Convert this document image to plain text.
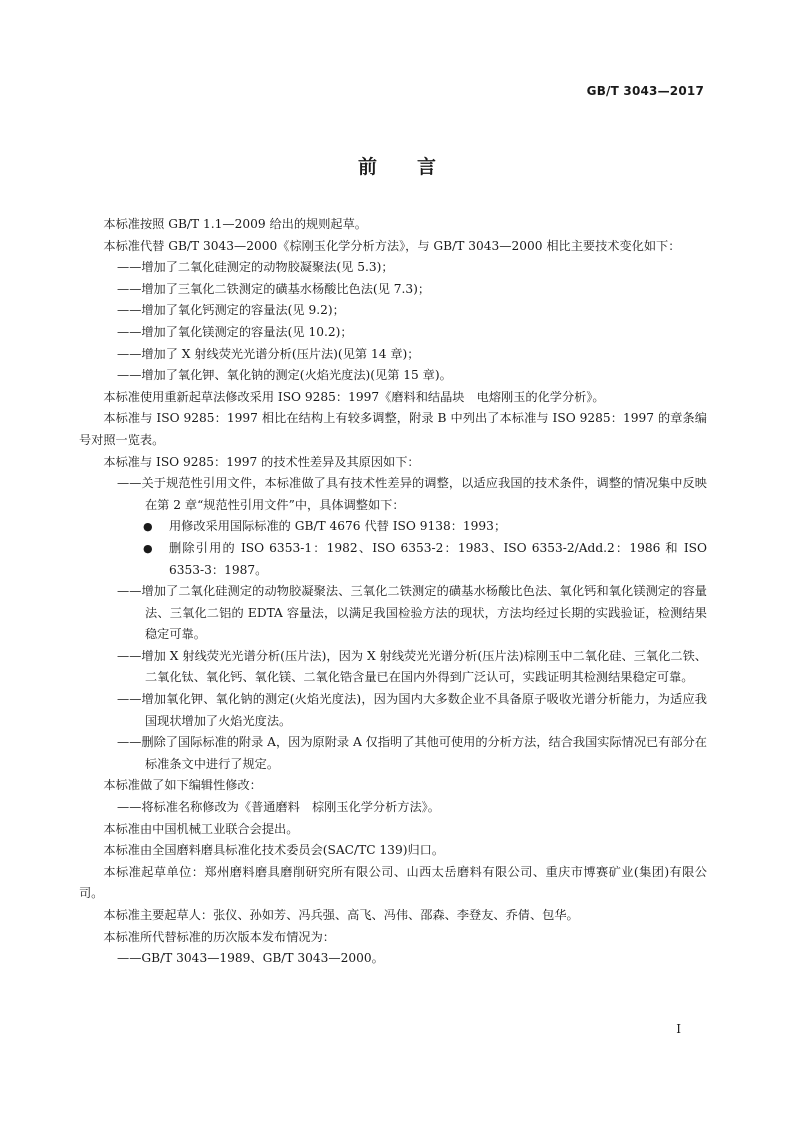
GB/T 3043—2017
前言

本标准按照 GB/T 1.1—2009 给出的规则起草。

本标准代替 GB/T 3043—2000《棕刚玉化学分析方法》，与 GB/T 3043—2000 相比主要技术变化如下：

——增加了二氧化硅测定的动物胶凝聚法(见 5.3)；

——增加了三氧化二铁测定的磺基水杨酸比色法(见 7.3)；

——增加了氧化钙测定的容量法(见 9.2)；

——增加了氧化镁测定的容量法(见 10.2)；

——增加了 X 射线荧光光谱分析(压片法)(见第 14 章)；

——增加了氧化钾、氧化钠的测定(火焰光度法)(见第 15 章)。

本标准使用重新起草法修改采用 ISO 9285：1997《磨料和结晶块　电熔刚玉的化学分析》。

本标准与 ISO 9285：1997 相比在结构上有较多调整，附录 B 中列出了本标准与 ISO 9285：1997 的章条编号对照一览表。

本标准与 ISO 9285：1997 的技术性差异及其原因如下：

——关于规范性引用文件，本标准做了具有技术性差异的调整，以适应我国的技术条件，调整的情况集中反映在第 2 章“规范性引用文件”中，具体调整如下：

●	用修改采用国际标准的 GB/T 4676 代替 ISO 9138：1993；
●	删除引用的 ISO 6353-1：1982、ISO 6353-2：1983、ISO 6353-2/Add.2：1986 和 ISO 6353-3：1987。

——增加了二氧化硅测定的动物胶凝聚法、三氧化二铁测定的磺基水杨酸比色法、氧化钙和氧化镁测定的容量法、三氧化二铝的 EDTA 容量法，以满足我国检验方法的现状，方法均经过长期的实践验证，检测结果稳定可靠。

——增加 X 射线荧光光谱分析(压片法)，因为 X 射线荧光光谱分析(压片法)棕刚玉中二氧化硅、三氧化二铁、二氧化钛、氧化钙、氧化镁、二氧化锆含量已在国内外得到广泛认可，实践证明其检测结果稳定可靠。

——增加氧化钾、氧化钠的测定(火焰光度法)，因为国内大多数企业不具备原子吸收光谱分析能力，为适应我国现状增加了火焰光度法。

——删除了国际标准的附录 A，因为原附录 A 仅指明了其他可使用的分析方法，结合我国实际情况已有部分在标准条文中进行了规定。

本标准做了如下编辑性修改：

——将标准名称修改为《普通磨料　棕刚玉化学分析方法》。

本标准由中国机械工业联合会提出。

本标准由全国磨料磨具标准化技术委员会(SAC/TC 139)归口。

本标准起草单位：郑州磨料磨具磨削研究所有限公司、山西太岳磨料有限公司、重庆市博赛矿业(集团)有限公司。

本标准主要起草人：张仪、孙如芳、冯兵强、高飞、冯伟、邵森、李登友、乔倩、包华。

本标准所代替标准的历次版本发布情况为：

——GB/T 3043—1989、GB/T 3043—2000。

I
